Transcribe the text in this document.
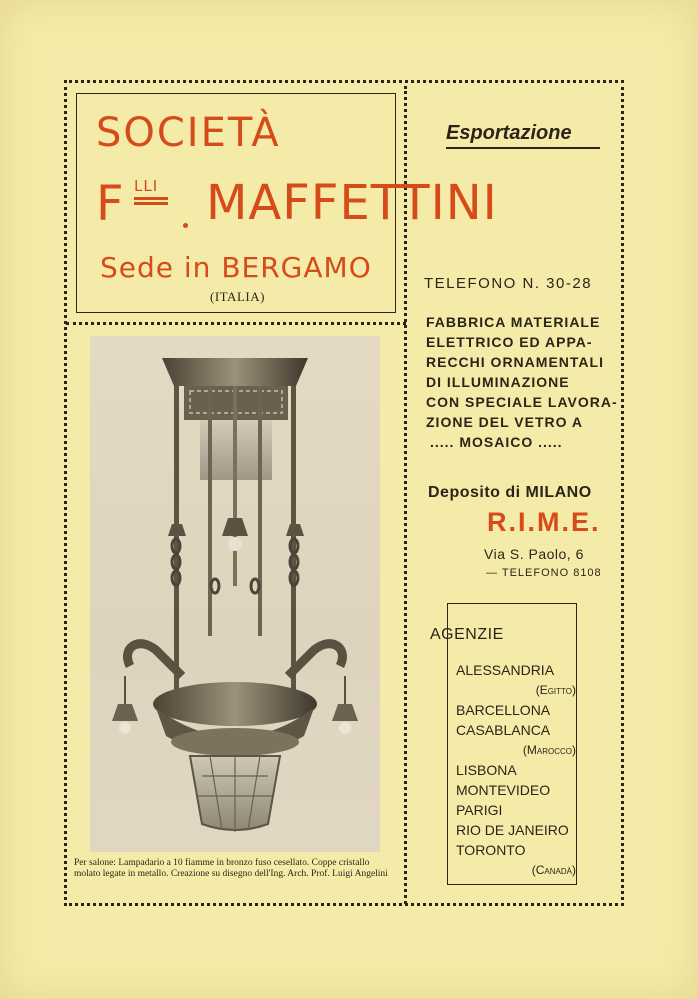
SOCIETÀ
F LLI MAFFETTINI
Sede in BERGAMO
(ITALIA)
Esportazione
TELEFONO N. 30-28
FABBRICA MATERIALE
ELETTRICO ED APPA-
RECCHI ORNAMENTALI
DI ILLUMINAZIONE
CON SPECIALE LAVORA-
ZIONE DEL VETRO A
..... MOSAICO .....
Deposito di MILANO
R.I.M.E.
Via S. Paolo, 6
— TELEFONO 8108
AGENZIE
ALESSANDRIA
(Egitto)
BARCELLONA
CASABLANCA
(Marocco)
LISBONA
MONTEVIDEO
PARIGI
RIO DE JANEIRO
TORONTO
(Canadà)
Per salone: Lampadario a 10 fiamme in bronzo fuso cesellato. Coppe cristallo molato legate in metallo. Creazione su disegno dell'Ing. Arch. Prof. Luigi Angelini
